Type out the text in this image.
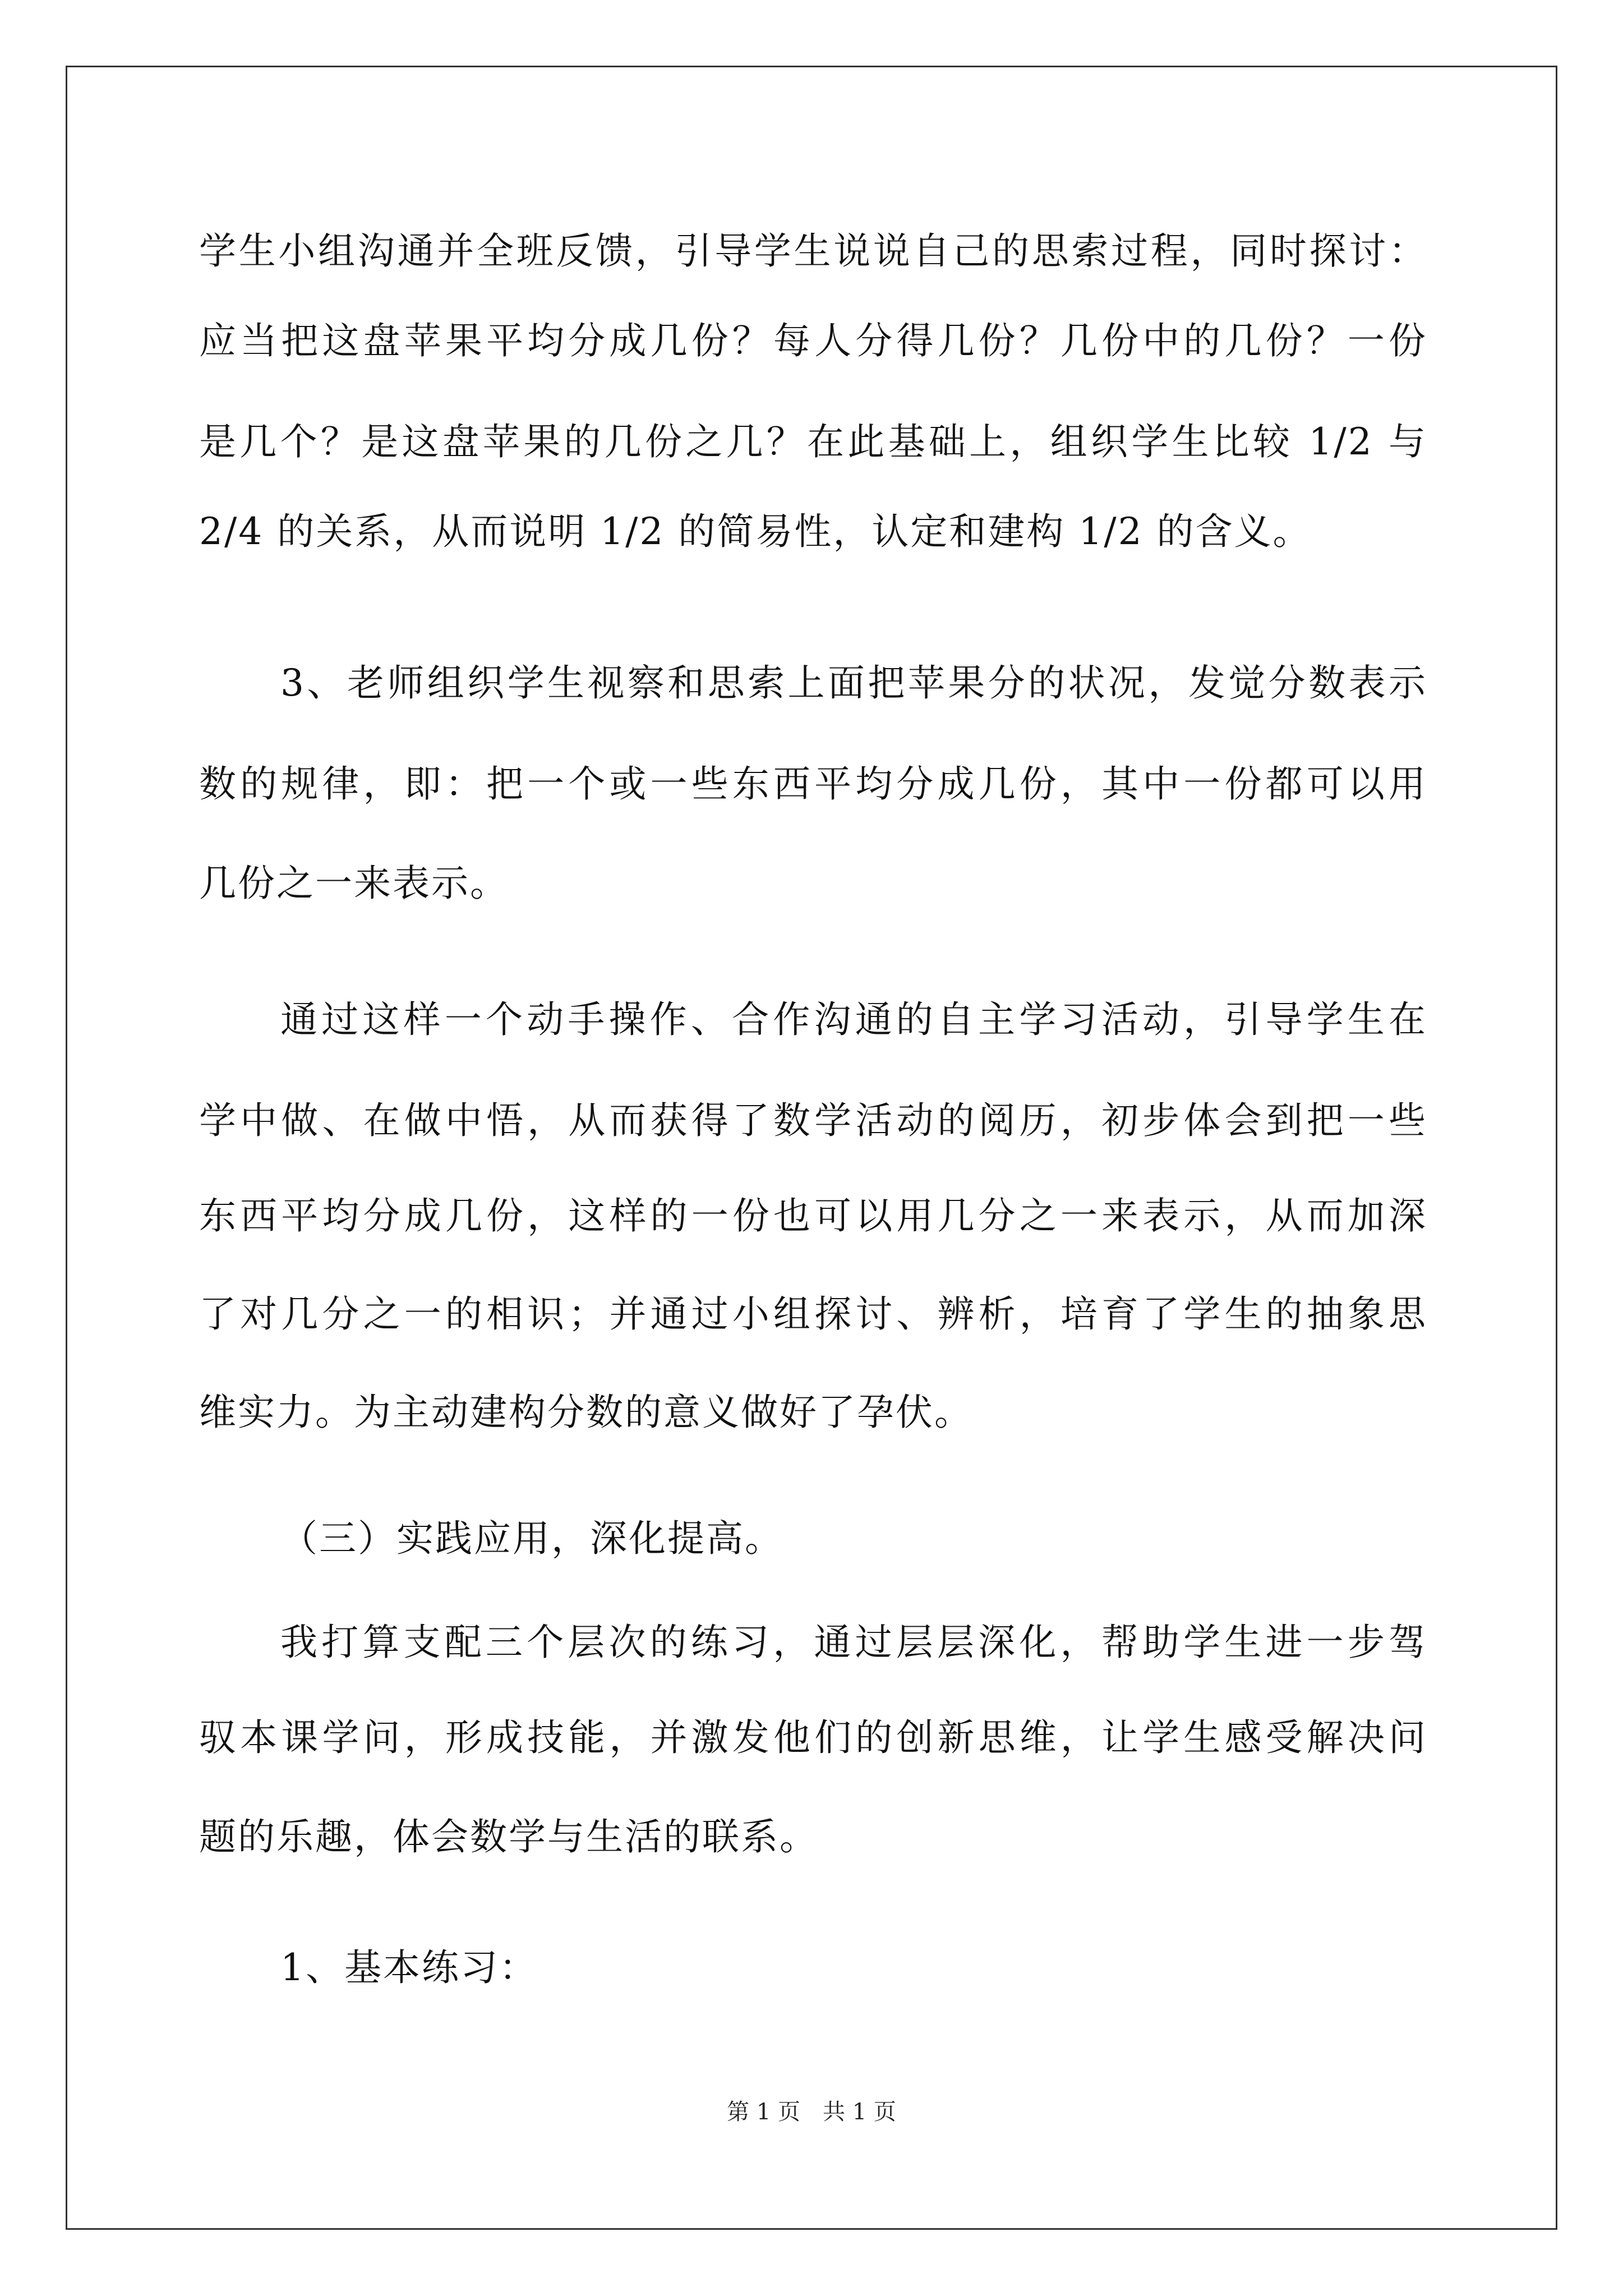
学生小组沟通并全班反馈，引导学生说说自己的思索过程，同时探讨：
应当把这盘苹果平均分成几份？每人分得几份？几份中的几份？一份
是几个？是这盘苹果的几份之几？在此基础上，组织学生比较 1/2 与
2/4 的关系，从而说明 1/2 的简易性，认定和建构 1/2 的含义。
3、老师组织学生视察和思索上面把苹果分的状况，发觉分数表示
数的规律，即：把一个或一些东西平均分成几份，其中一份都可以用
几份之一来表示。
通过这样一个动手操作、合作沟通的自主学习活动，引导学生在
学中做、在做中悟，从而获得了数学活动的阅历，初步体会到把一些
东西平均分成几份，这样的一份也可以用几分之一来表示，从而加深
了对几分之一的相识；并通过小组探讨、辨析，培育了学生的抽象思
维实力。为主动建构分数的意义做好了孕伏。
（三）实践应用，深化提高。
我打算支配三个层次的练习，通过层层深化，帮助学生进一步驾
驭本课学问，形成技能，并激发他们的创新思维，让学生感受解决问
题的乐趣，体会数学与生活的联系。
1、基本练习：
第 1 页 共 1 页
